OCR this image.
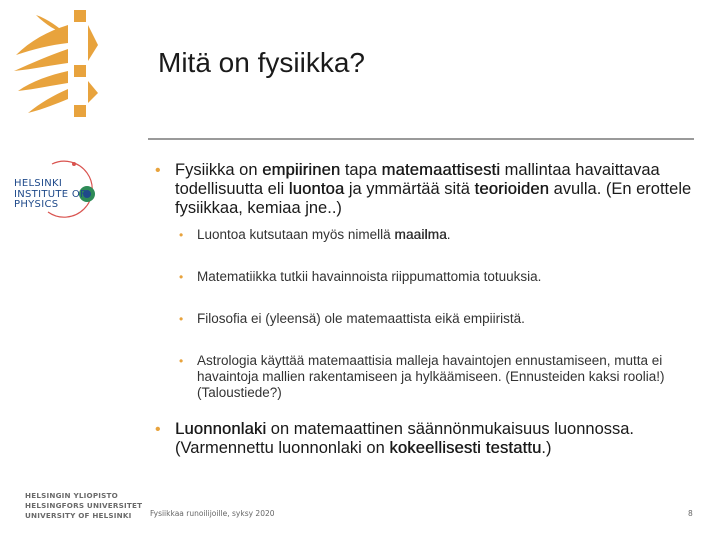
HELSINKI
INSTITUTE OF
PHYSICS
HELSINGIN YLIOPISTO
HELSINGFORS UNIVERSITET
UNIVERSITY OF HELSINKI
Mitä on fysiikka?
• Fysiikka on empiirinen tapa matemaattisesti mallintaa havaittavaa todellisuutta eli luontoa ja ymmärtää sitä teorioiden avulla. (En erottele fysiikkaa, kemiaa jne..)
• Luontoa kutsutaan myös nimellä maailma.
• Matematiikka tutkii havainnoista riippumattomia totuuksia.
• Filosofia ei (yleensä) ole matemaattista eikä empiiristä.
• Astrologia käyttää matemaattisia malleja havaintojen ennustamiseen, mutta ei havaintoja mallien rakentamiseen ja hylkäämiseen. (Ennusteiden kaksi roolia!) (Taloustiede?)
• Luonnonlaki on matemaattinen säännönmukaisuus luonnossa. (Varmennettu luonnonlaki on kokeellisesti testattu.)
Fysiikkaa runoilijoille, syksy 2020	8
